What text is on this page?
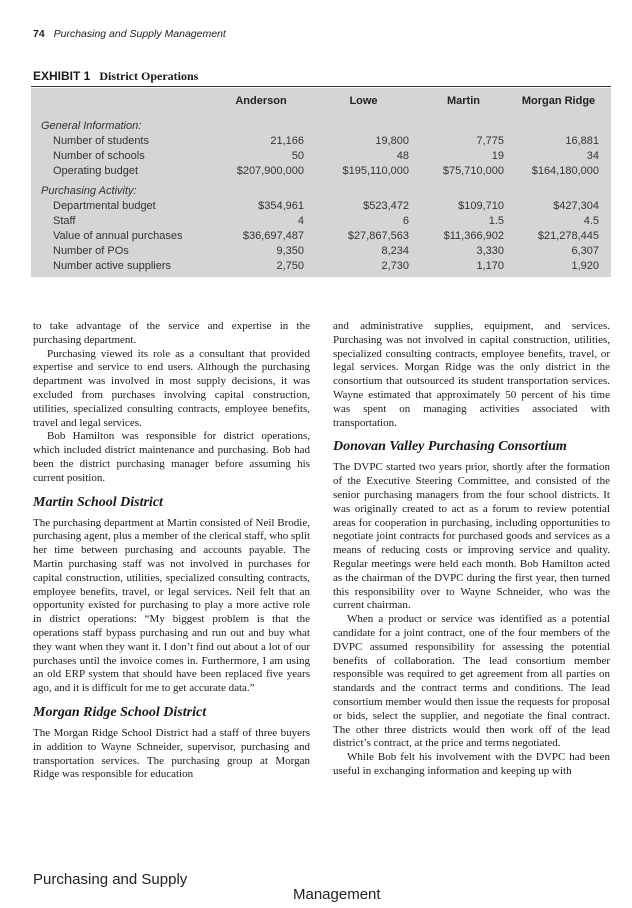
74 Purchasing and Supply Management
EXHIBIT 1 District Operations
	Anderson	Lowe	Martin	Morgan Ridge
General Information:				
Number of students	21,166	19,800	7,775	16,881
Number of schools	50	48	19	34
Operating budget	$207,900,000	$195,110,000	$75,710,000	$164,180,000
Purchasing Activity:				
Departmental budget	$354,961	$523,472	$109,710	$427,304
Staff	4	6	1.5	4.5
Value of annual purchases	$36,697,487	$27,867,563	$11,366,902	$21,278,445
Number of POs	9,350	8,234	3,330	6,307
Number active suppliers	2,750	2,730	1,170	1,920

to take advantage of the service and expertise in the purchasing department.

Purchasing viewed its role as a consultant that provided expertise and service to end users. Although the purchasing department was involved in most supply decisions, it was excluded from purchases involving capital construction, utilities, specialized consulting contracts, employee benefits, travel and legal services.

Bob Hamilton was responsible for district operations, which included district maintenance and purchasing. Bob had been the district purchasing manager before assuming his current position.

Martin School District

The purchasing department at Martin consisted of Neil Brodie, purchasing agent, plus a member of the clerical staff, who split her time between purchasing and accounts payable. The Martin purchasing staff was not involved in purchases for capital construction, utilities, specialized consulting contracts, employee benefits, travel, or legal services. Neil felt that an opportunity existed for purchasing to play a more active role in district operations: “My biggest problem is that the operations staff bypass purchasing and run out and buy what they want when they want it. I don’t find out about a lot of our purchases until the invoice comes in. Furthermore, I am using an old ERP system that should have been replaced five years ago, and it is difficult for me to get accurate data.”

Morgan Ridge School District

The Morgan Ridge School District had a staff of three buyers in addition to Wayne Schneider, supervisor, purchasing and transportation services. The purchasing group at Morgan Ridge was responsible for education

and administrative supplies, equipment, and services. Purchasing was not involved in capital construction, utilities, specialized consulting contracts, employee benefits, travel, or legal services. Morgan Ridge was the only district in the consortium that outsourced its student transportation services. Wayne estimated that approximately 50 percent of his time was spent on managing activities associated with transportation.

Donovan Valley Purchasing Consortium

The DVPC started two years prior, shortly after the formation of the Executive Steering Committee, and consisted of the senior purchasing managers from the four school districts. It was originally created to act as a forum to review potential areas for cooperation in purchasing, including opportunities to negotiate joint contracts for purchased goods and services as a means of reducing costs or improving service and quality. Regular meetings were held each month. Bob Hamilton acted as the chairman of the DVPC during the first year, then turned this responsibility over to Wayne Schneider, who was the current chairman.

When a product or service was identified as a potential candidate for a joint contract, one of the four members of the DVPC assumed responsibility for assessing the potential benefits of collaboration. The lead consortium member responsible was required to get agreement from all parties on standards and the contract terms and conditions. The lead consortium member would then issue the requests for proposal or bids, select the supplier, and negotiate the final contract. The other three districts would then work off of the lead district’s contract, at the price and terms negotiated.

While Bob felt his involvement with the DVPC had been useful in exchanging information and keeping up with

Purchasing and Supply
Management
